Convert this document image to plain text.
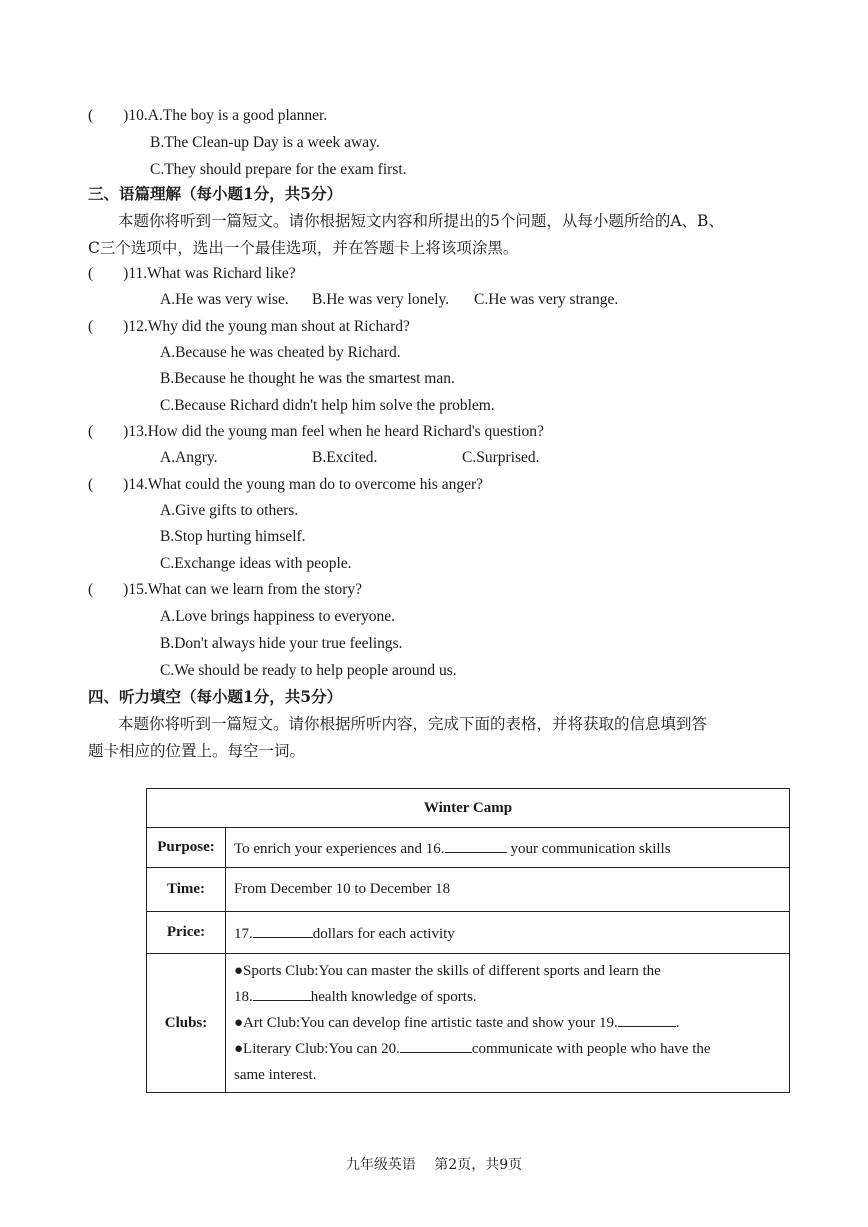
( )10.A.The boy is a good planner.
B.The Clean-up Day is a week away.
C.They should prepare for the exam first.
三、语篇理解（每小题1分，共5分）
本题你将听到一篇短文。请你根据短文内容和所提出的5个问题，从每小题所给的A、B、
C三个选项中，选出一个最佳选项，并在答题卡上将该项涂黑。
( )11.What was Richard like?
A.He was very wise. B.He was very lonely. C.He was very strange.
( )12.Why did the young man shout at Richard?
A.Because he was cheated by Richard.
B.Because he thought he was the smartest man.
C.Because Richard didn't help him solve the problem.
( )13.How did the young man feel when he heard Richard's question?
A.Angry.	B.Excited.	C.Surprised.
( )14.What could the young man do to overcome his anger?
A.Give gifts to others.
B.Stop hurting himself.
C.Exchange ideas with people.
( )15.What can we learn from the story?
A.Love brings happiness to everyone.
B.Don't always hide your true feelings.
C.We should be ready to help people around us.
四、听力填空（每小题1分，共5分）
本题你将听到一篇短文。请你根据所听内容，完成下面的表格，并将获取的信息填到答
题卡相应的位置上。每空一词。
Winter Camp	
Purpose:	To enrich your experiences and 16. your communication skills
Time:	From December 10 to December 18
Price:	17. dollars for each activity
Clubs:	●Sports Club:You can master the skills of different sports and learn the
18. health knowledge of sports.
●Art Club:You can develop fine artistic taste and show your 19. .
●Literary Club:You can 20. communicate with people who have the
same interest.
九年级英语　 第2页，共9页
